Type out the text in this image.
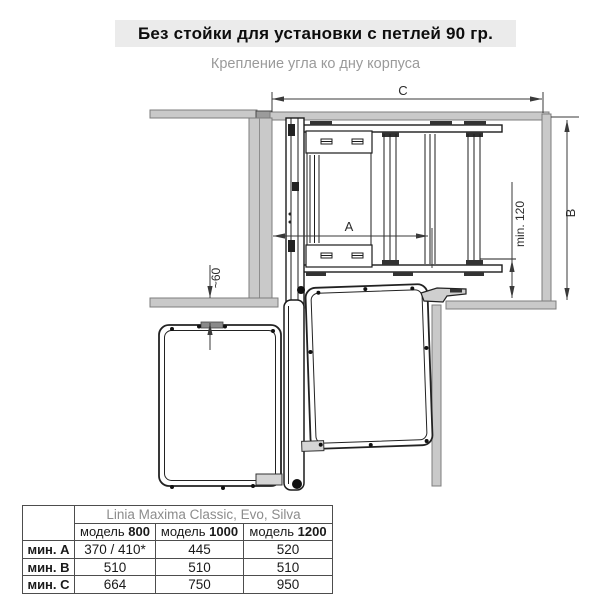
Без стойки для установки с петлей 90 гр.
Крепление угла ко дну корпуса
C
B
A	min. 120
~60
	Linia Maxima Classic, Evo, Silva		
	модель 800	модель 1000	модель 1200
мин. A	370 / 410*	445	520
мин. B	510	510	510
мин. C	664	750	950
